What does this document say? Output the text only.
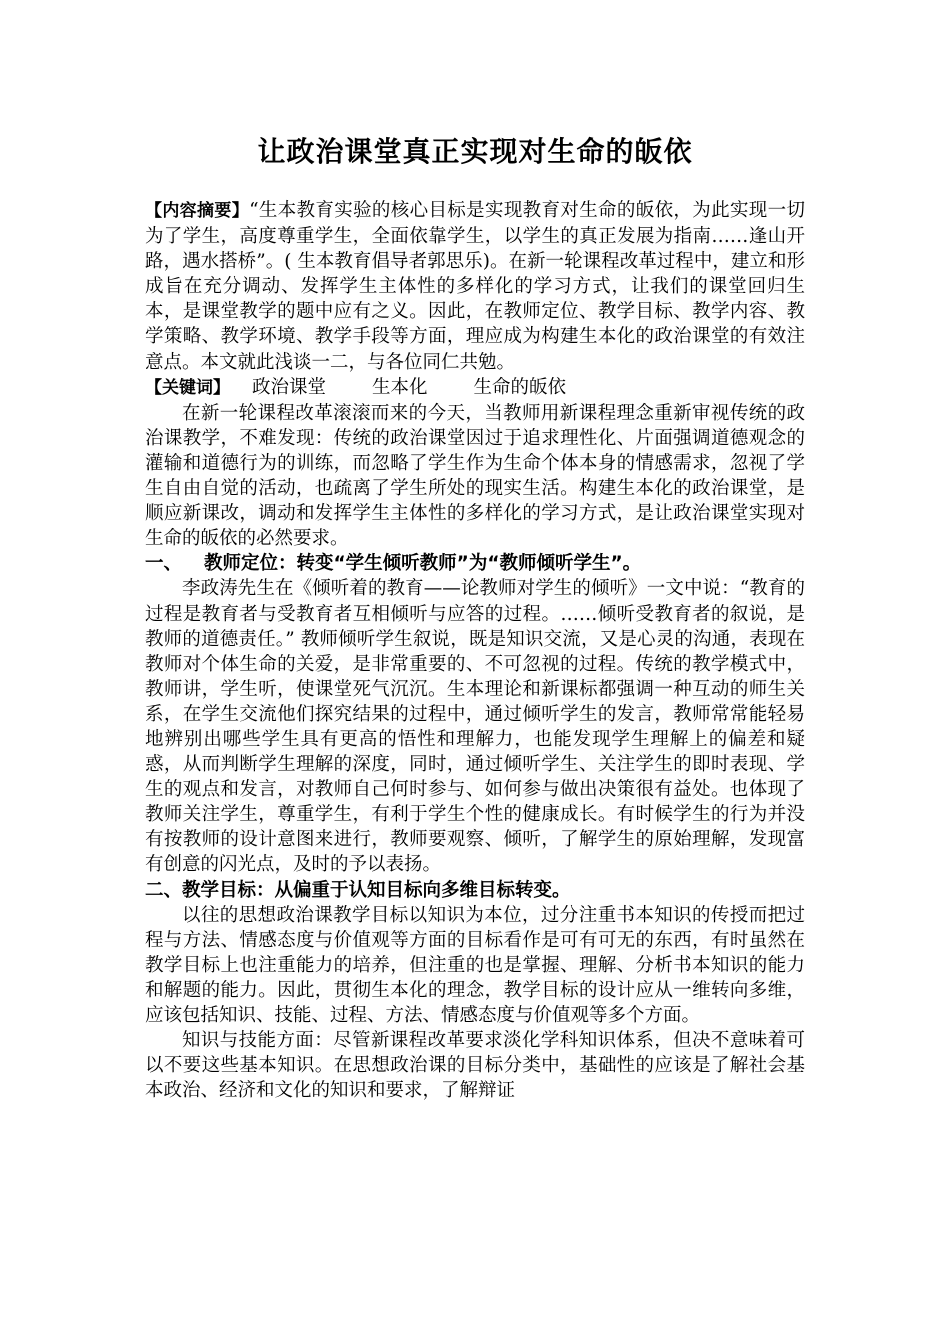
让政治课堂真正实现对生命的皈依

【内容摘要】“生本教育实验的核心目标是实现教育对生命的皈依，为此实现一切为了学生，高度尊重学生，全面依靠学生，以学生的真正发展为指南……逢山开路，遇水搭桥”。( 生本教育倡导者郭思乐)。在新一轮课程改革过程中，建立和形成旨在充分调动、发挥学生主体性的多样化的学习方式，让我们的课堂回归生本，是课堂教学的题中应有之义。因此，在教师定位、教学目标、教学内容、教学策略、教学环境、教学手段等方面，理应成为构建生本化的政治课堂的有效注意点。本文就此浅谈一二，与各位同仁共勉。

【关键词】 政治课堂 生本化 生命的皈依

在新一轮课程改革滚滚而来的今天，当教师用新课程理念重新审视传统的政治课教学，不难发现：传统的政治课堂因过于追求理性化、片面强调道德观念的灌输和道德行为的训练，而忽略了学生作为生命个体本身的情感需求，忽视了学生自由自觉的活动，也疏离了学生所处的现实生活。构建生本化的政治课堂，是顺应新课改，调动和发挥学生主体性的多样化的学习方式，是让政治课堂实现对生命的皈依的必然要求。

一、 教师定位：转变“学生倾听教师”为“教师倾听学生”。

李政涛先生在《倾听着的教育——论教师对学生的倾听》一文中说：“教育的过程是教育者与受教育者互相倾听与应答的过程。……倾听受教育者的叙说，是教师的道德责任。” 教师倾听学生叙说，既是知识交流，又是心灵的沟通，表现在教师对个体生命的关爱，是非常重要的、不可忽视的过程。传统的教学模式中，教师讲，学生听，使课堂死气沉沉。生本理论和新课标都强调一种互动的师生关系，在学生交流他们探究结果的过程中，通过倾听学生的发言，教师常常能轻易地辨别出哪些学生具有更高的悟性和理解力，也能发现学生理解上的偏差和疑惑，从而判断学生理解的深度，同时，通过倾听学生、关注学生的即时表现、学生的观点和发言，对教师自己何时参与、如何参与做出决策很有益处。也体现了教师关注学生，尊重学生，有利于学生个性的健康成长。有时候学生的行为并没有按教师的设计意图来进行，教师要观察、倾听，了解学生的原始理解，发现富有创意的闪光点，及时的予以表扬。

二、教学目标：从偏重于认知目标向多维目标转变。

以往的思想政治课教学目标以知识为本位，过分注重书本知识的传授而把过程与方法、情感态度与价值观等方面的目标看作是可有可无的东西，有时虽然在教学目标上也注重能力的培养，但注重的也是掌握、理解、分析书本知识的能力和解题的能力。因此，贯彻生本化的理念，教学目标的设计应从一维转向多维，应该包括知识、技能、过程、方法、情感态度与价值观等多个方面。

知识与技能方面：尽管新课程改革要求淡化学科知识体系，但决不意味着可以不要这些基本知识。在思想政治课的目标分类中，基础性的应该是了解社会基本政治、经济和文化的知识和要求，了解辩证
